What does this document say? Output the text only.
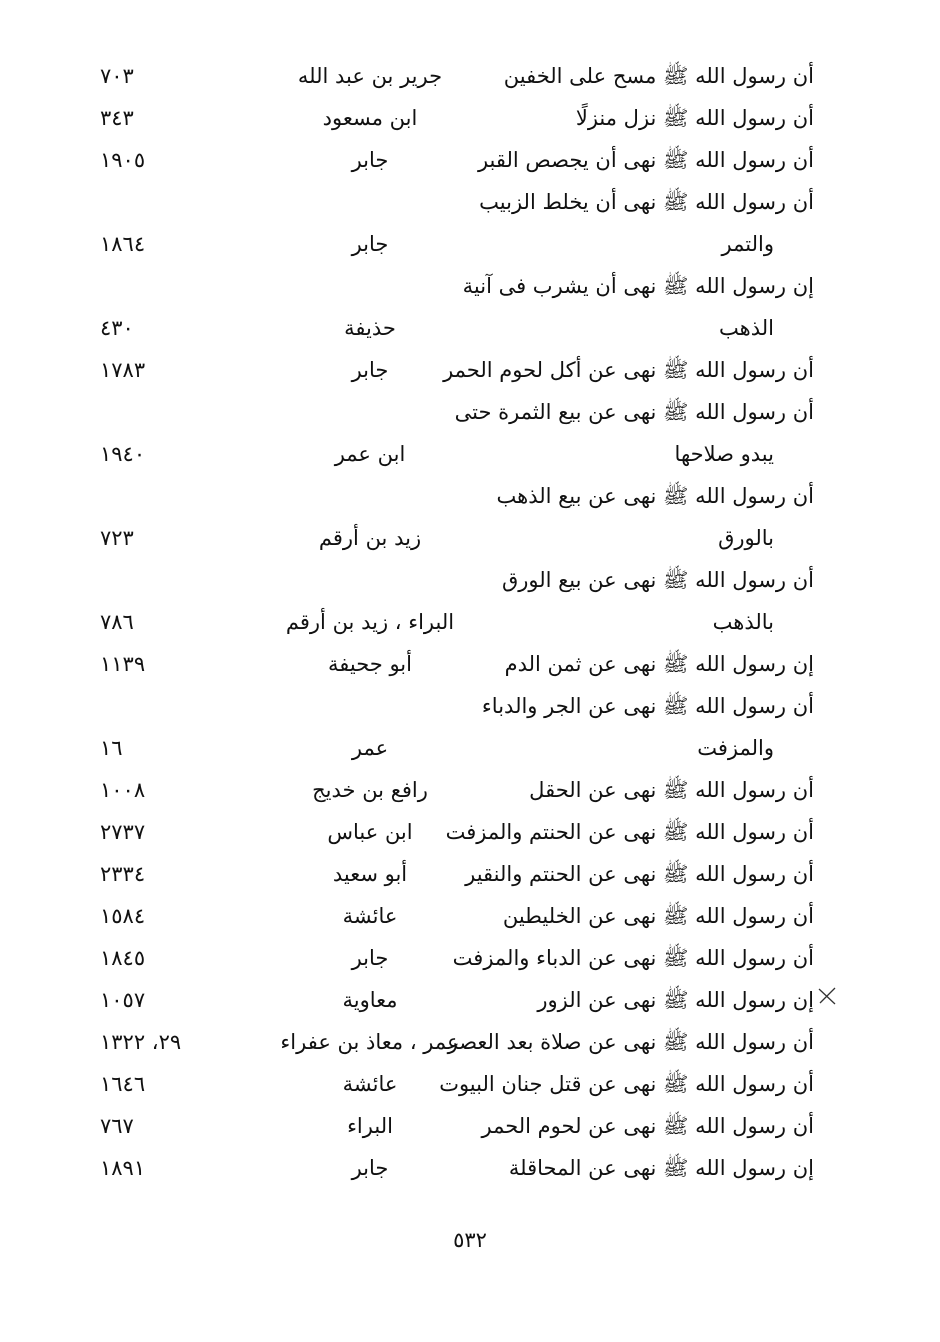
أن رسول الله ﷺ مسح على الخفين
جرير بن عبد الله
٧٠٣
أن رسول الله ﷺ نزل منزلًا
ابن مسعود
٣٤٣
أن رسول الله ﷺ نهى أن يجصص القبر
جابر
١٩٠٥
أن رسول الله ﷺ نهى أن يخلط الزبيب
والتمر
جابر
١٨٦٤
إن رسول الله ﷺ نهى أن يشرب فى آنية
الذهب
حذيفة
٤٣٠
أن رسول الله ﷺ نهى عن أكل لحوم الحمر
جابر
١٧٨٣
أن رسول الله ﷺ نهى عن بيع الثمرة حتى
يبدو صلاحها
ابن عمر
١٩٤٠
أن رسول الله ﷺ نهى عن بيع الذهب
بالورق
زيد بن أرقم
٧٢٣
أن رسول الله ﷺ نهى عن بيع الورق
بالذهب
البراء ، زيد بن أرقم
٧٨٦
إن رسول الله ﷺ نهى عن ثمن الدم
أبو جحيفة
١١٣٩
أن رسول الله ﷺ نهى عن الجر والدباء
والمزفت
عمر
١٦
أن رسول الله ﷺ نهى عن الحقل
رافع بن خديج
١٠٠٨
أن رسول الله ﷺ نهى عن الحنتم والمزفت
ابن عباس
٢٧٣٧
أن رسول الله ﷺ نهى عن الحنتم والنقير
أبو سعيد
٢٣٣٤
أن رسول الله ﷺ نهى عن الخليطين
عائشة
١٥٨٤
أن رسول الله ﷺ نهى عن الدباء والمزفت
جابر
١٨٤٥
إن رسول الله ﷺ نهى عن الزور
معاوية
١٠٥٧
أن رسول الله ﷺ نهى عن صلاة بعد العصر
عمر ، معاذ بن عفراء
٢٩، ١٣٢٢
أن رسول الله ﷺ نهى عن قتل جنان البيوت
عائشة
١٦٤٦
أن رسول الله ﷺ نهى عن لحوم الحمر
البراء
٧٦٧
إن رسول الله ﷺ نهى عن المحاقلة
جابر
١٨٩١
٥٣٢
